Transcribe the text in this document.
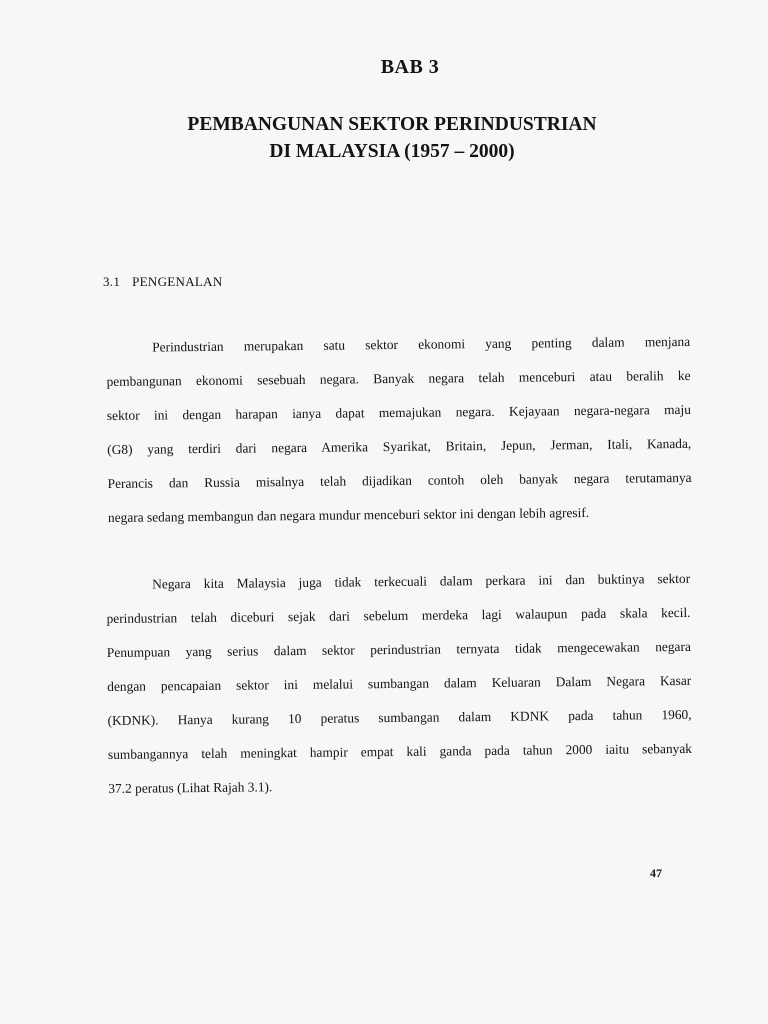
BAB 3
PEMBANGUNAN SEKTOR PERINDUSTRIAN
DI MALAYSIA (1957 – 2000)
3.1 PENGENALAN

Perindustrian merupakan satu sektor ekonomi yang penting dalam menjana
pembangunan ekonomi sesebuah negara. Banyak negara telah menceburi atau beralih ke
sektor ini dengan harapan ianya dapat memajukan negara. Kejayaan negara-negara maju
(G8) yang terdiri dari negara Amerika Syarikat, Britain, Jepun, Jerman, Itali, Kanada,
Perancis dan Russia misalnya telah dijadikan contoh oleh banyak negara terutamanya
negara sedang membangun dan negara mundur menceburi sektor ini dengan lebih agresif.

Negara kita Malaysia juga tidak terkecuali dalam perkara ini dan buktinya sektor
perindustrian telah diceburi sejak dari sebelum merdeka lagi walaupun pada skala kecil.
Penumpuan yang serius dalam sektor perindustrian ternyata tidak mengecewakan negara
dengan pencapaian sektor ini melalui sumbangan dalam Keluaran Dalam Negara Kasar
(KDNK). Hanya kurang 10 peratus sumbangan dalam KDNK pada tahun 1960,
sumbangannya telah meningkat hampir empat kali ganda pada tahun 2000 iaitu sebanyak
37.2 peratus (Lihat Rajah 3.1).

47
